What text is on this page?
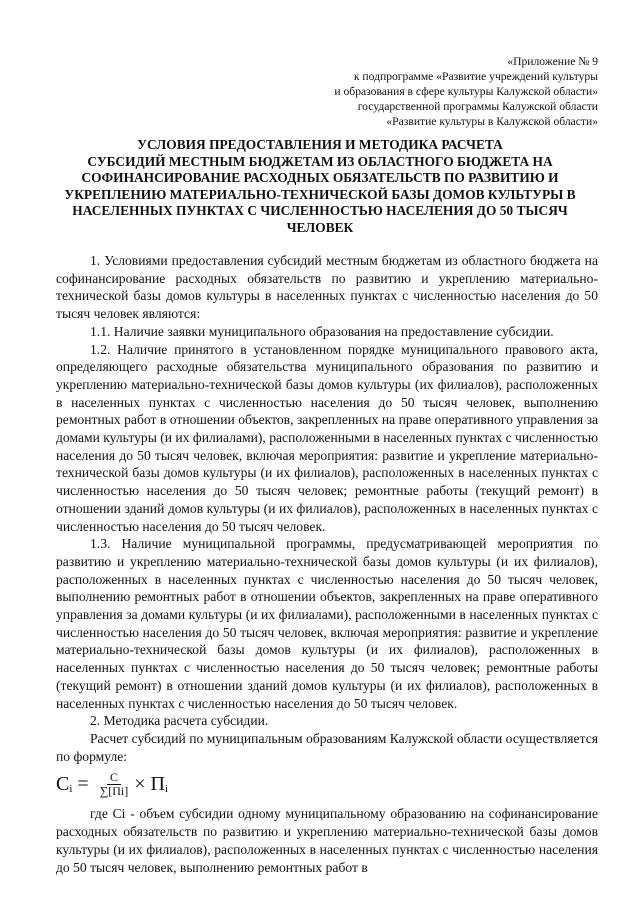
«Приложение № 9
к подпрограмме «Развитие учреждений культуры
и образования в сфере культуры Калужской области»
государственной программы Калужской области
«Развитие культуры в Калужской области»
УСЛОВИЯ ПРЕДОСТАВЛЕНИЯ И МЕТОДИКА РАСЧЕТА
СУБСИДИЙ МЕСТНЫМ БЮДЖЕТАМ ИЗ ОБЛАСТНОГО БЮДЖЕТА НА
СОФИНАНСИРОВАНИЕ РАСХОДНЫХ ОБЯЗАТЕЛЬСТВ ПО РАЗВИТИЮ И
УКРЕПЛЕНИЮ МАТЕРИАЛЬНО-ТЕХНИЧЕСКОЙ БАЗЫ ДОМОВ КУЛЬТУРЫ В
НАСЕЛЕННЫХ ПУНКТАХ С ЧИСЛЕННОСТЬЮ НАСЕЛЕНИЯ ДО 50 ТЫСЯЧ
ЧЕЛОВЕК

1. Условиями предоставления субсидий местным бюджетам из областного бюджета на софинансирование расходных обязательств по развитию и укреплению материально-технической базы домов культуры в населенных пунктах с численностью населения до 50 тысяч человек являются:

1.1. Наличие заявки муниципального образования на предоставление субсидии.

1.2. Наличие принятого в установленном порядке муниципального правового акта, определяющего расходные обязательства муниципального образования по развитию и укреплению материально-технической базы домов культуры (их филиалов), расположенных в населенных пунктах с численностью населения до 50 тысяч человек, выполнению ремонтных работ в отношении объектов, закрепленных на праве оперативного управления за домами культуры (и их филиалами), расположенными в населенных пунктах с численностью населения до 50 тысяч человек, включая мероприятия: развитие и укрепление материально-технической базы домов культуры (и их филиалов), расположенных в населенных пунктах с численностью населения до 50 тысяч человек; ремонтные работы (текущий ремонт) в отношении зданий домов культуры (и их филиалов), расположенных в населенных пунктах с численностью населения до 50 тысяч человек.

1.3. Наличие муниципальной программы, предусматривающей мероприятия по развитию и укреплению материально-технической базы домов культуры (и их филиалов), расположенных в населенных пунктах с численностью населения до 50 тысяч человек, выполнению ремонтных работ в отношении объектов, закрепленных на праве оперативного управления за домами культуры (и их филиалами), расположенными в населенных пунктах с численностью населения до 50 тысяч человек, включая мероприятия: развитие и укрепление материально-технической базы домов культуры (и их филиалов), расположенных в населенных пунктах с численностью населения до 50 тысяч человек; ремонтные работы (текущий ремонт) в отношении зданий домов культуры (и их филиалов), расположенных в населенных пунктах с численностью населения до 50 тысяч человек.

2. Методика расчета субсидии.

Расчет субсидий по муниципальным образованиям Калужской области осуществляется по формуле:

C $i = \frac{C}{\sum[Пi]} \times П$ i

где Ci - объем субсидии одному муниципальному образованию на софинансирование расходных обязательств по развитию и укреплению материально-технической базы домов культуры (и их филиалов), расположенных в населенных пунктах с численностью населения до 50 тысяч человек, выполнению ремонтных работ в
